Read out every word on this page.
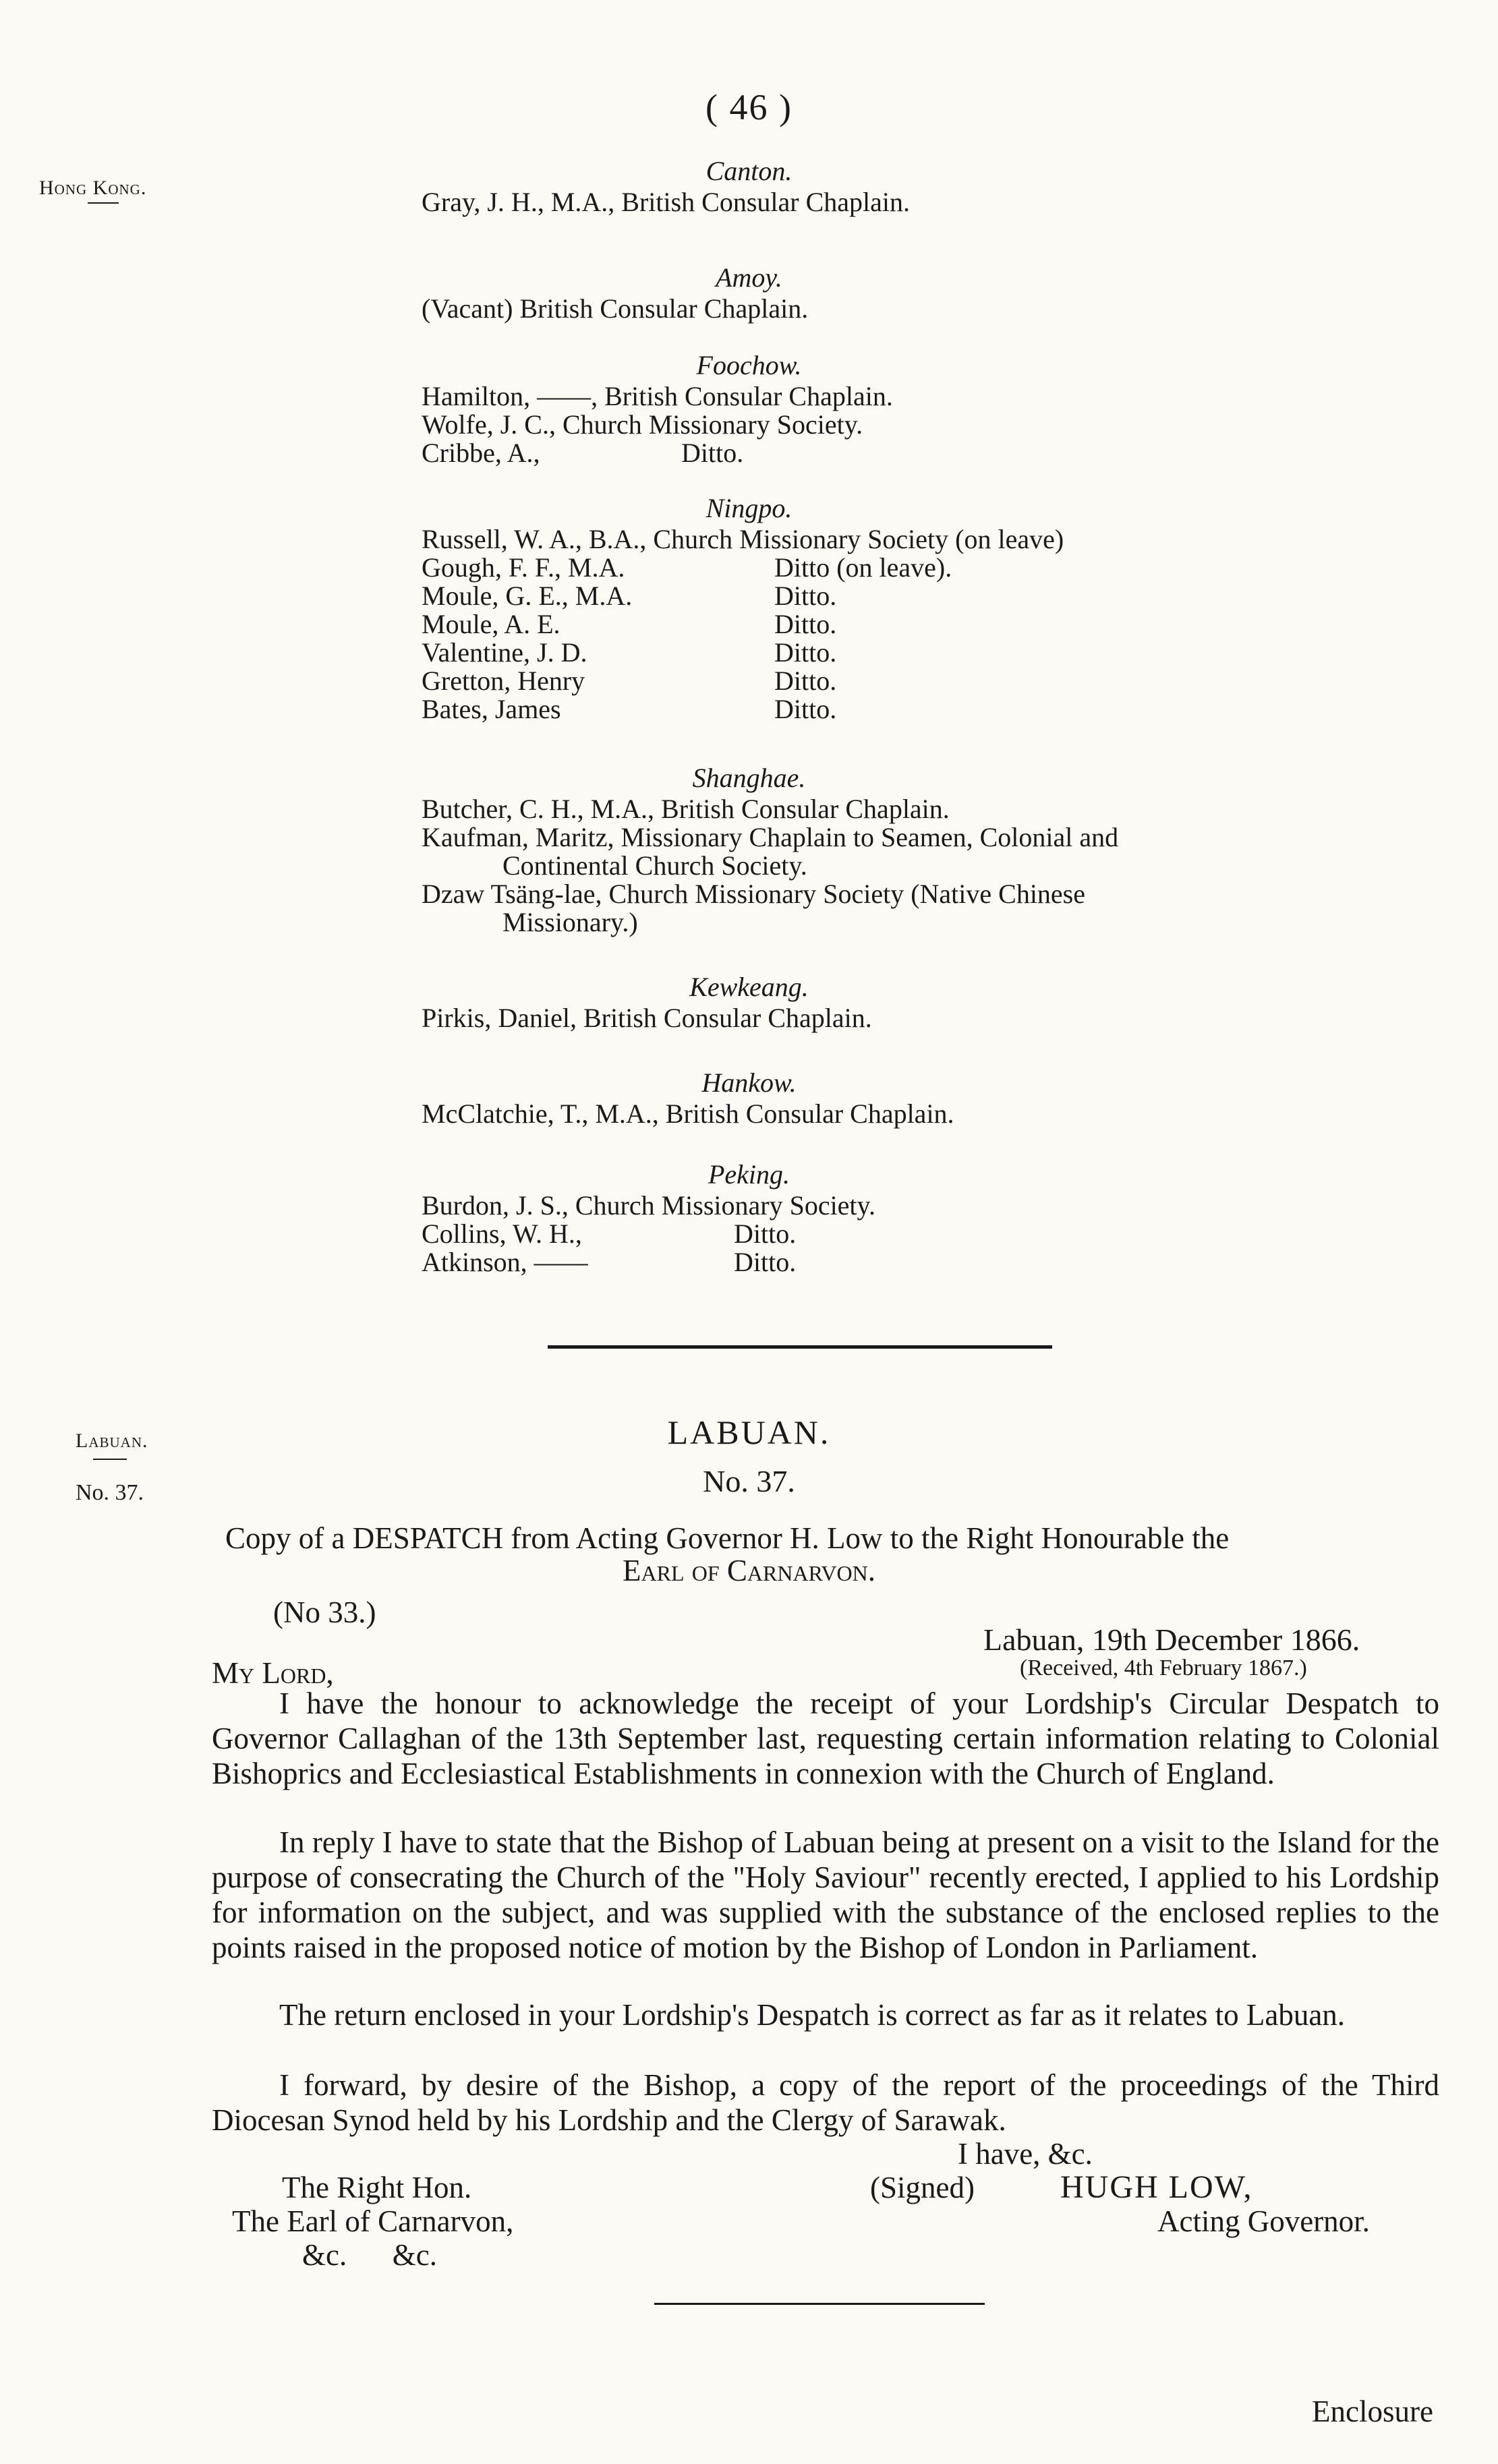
( 46 )
Hong Kong.
Canton.
Gray, J. H., M.A., British Consular Chaplain.
Amoy.
(Vacant) British Consular Chaplain.
Foochow.
Hamilton, ——, British Consular Chaplain.
Wolfe, J. C., Church Missionary Society.
Cribbe, A.,	Ditto.
Ningpo.
Russell, W. A., B.A., Church Missionary Society (on leave)
Gough, F. F., M.A.	Ditto (on leave).
Moule, G. E., M.A.	Ditto.
Moule, A. E.	Ditto.
Valentine, J. D.	Ditto.
Gretton, Henry	Ditto.
Bates, James	Ditto.
Shanghae.
Butcher, C. H., M.A., British Consular Chaplain.
Kaufman, Maritz, Missionary Chaplain to Seamen, Colonial and
Continental Church Society.
Dzaw Tsäng-lae, Church Missionary Society (Native Chinese
Missionary.)
Kewkeang.
Pirkis, Daniel, British Consular Chaplain.
Hankow.
McClatchie, T., M.A., British Consular Chaplain.
Peking.
Burdon, J. S., Church Missionary Society.
Collins, W. H.,	Ditto.
Atkinson, ——	Ditto.
Labuan.
No. 37.
LABUAN.
No. 37.
Copy of a DESPATCH from Acting Governor H. Low to the Right Honourable the
Earl of Carnarvon.
(No 33.)
Labuan, 19th December 1866.
(Received, 4th February 1867.)
My Lord,
I have the honour to acknowledge the receipt of your Lordship's Circular Despatch to Governor Callaghan of the 13th September last, requesting certain information relating to Colonial Bishoprics and Ecclesiastical Establishments in connexion with the Church of England.
In reply I have to state that the Bishop of Labuan being at present on a visit to the Island for the purpose of consecrating the Church of the "Holy Saviour" recently erected, I applied to his Lordship for information on the subject, and was supplied with the substance of the enclosed replies to the points raised in the proposed notice of motion by the Bishop of London in Parliament.
The return enclosed in your Lordship's Despatch is correct as far as it relates to Labuan.
I forward, by desire of the Bishop, a copy of the report of the proceedings of the Third Diocesan Synod held by his Lordship and the Clergy of Sarawak.
I have, &c.
(Signed)	HUGH LOW,
Acting Governor.
The Right Hon.
The Earl of Carnarvon,
&c.      &c.
Enclosure
